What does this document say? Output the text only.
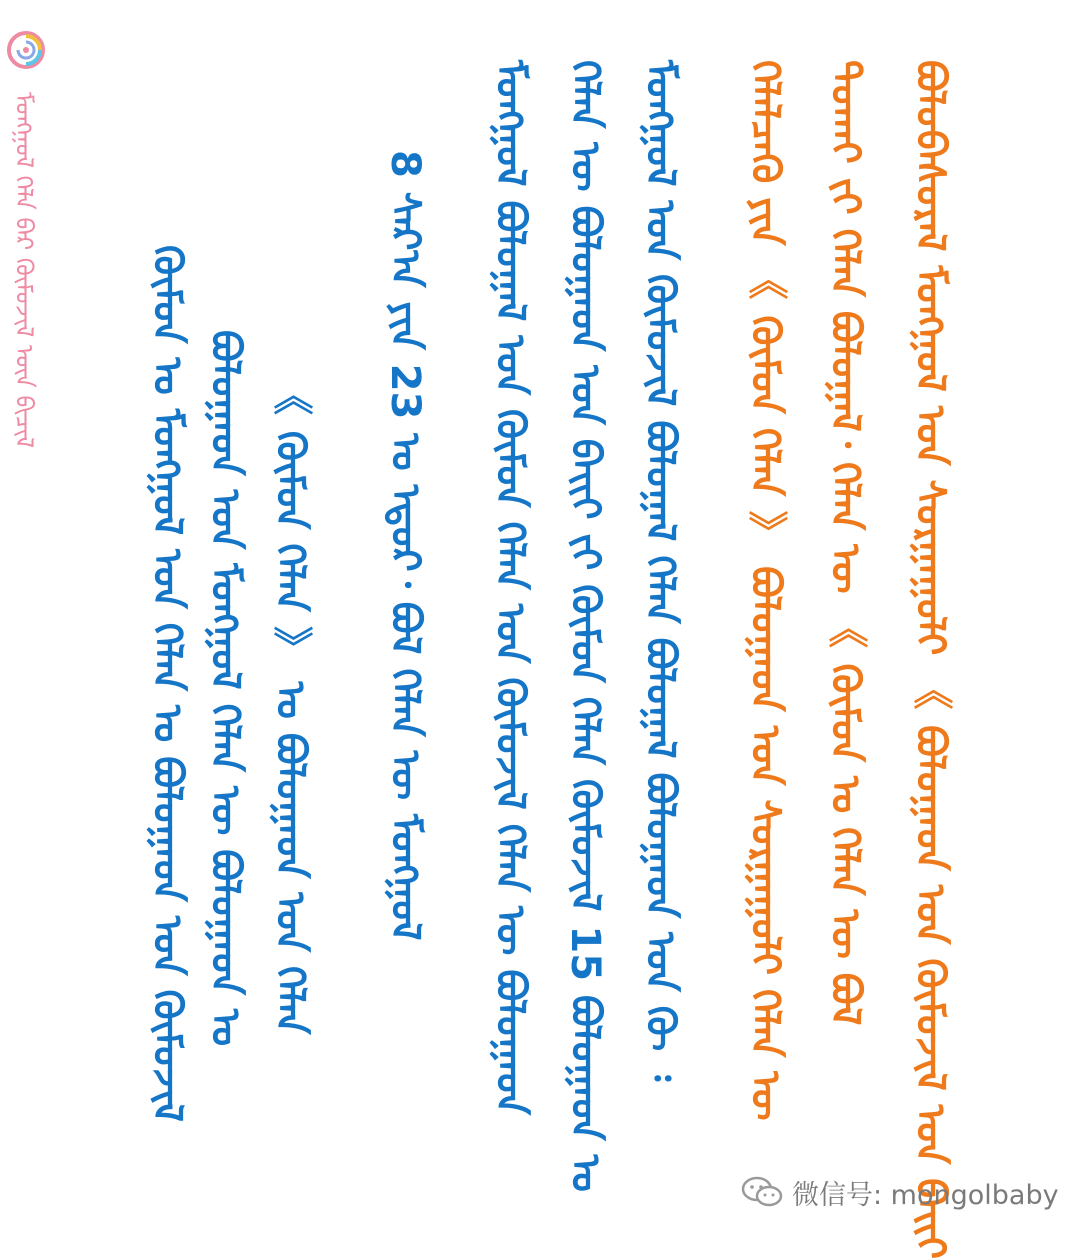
ᠮᠣᠩᠭᠣᠯ ᠬᠡᠯᠡ ᠪᠡᠷ ᠬᠦᠮᠦᠵᠢᠯ ᠦᠨ ᠪᠢᠴᠢᠯ	ᠬᠦᠮᠦᠨ ᠤ ᠮᠣᠩᠭᠣᠯ ᠤᠨ ᠬᠡᠯᠡᠨ ᠤ ᠪᠣᠯᠣᠭᠠᠳ ᠤᠨ ᠬᠦᠮᠦᠵᠢᠯ ᠪᠣᠯᠣᠭᠠᠳ ᠤᠨ ᠮᠣᠩᠭᠣᠯ ᠬᠡᠯᠡᠨ ᠦ ᠪᠣᠯᠣᠭᠠᠳ ᠤ 《 ᠬᠦᠮᠦᠨ ᠬᠡᠯᠡᠨ 》 ᠤ ᠪᠣᠯᠣᠭᠠᠳ ᠤᠨ ᠬᠡᠯᠡᠨ 8 ᠰᠠᠷ᠎ᠠ ᠶᠢᠨ 23 ᠤ ᠡᠳᠦᠷ᠂ ᠪᠣᠯ ᠬᠡᠯᠡᠨ ᠦ ᠮᠣᠩᠭᠣᠯ ᠮᠣᠩᠭᠣᠯ ᠪᠣᠯᠣᠭᠠᠯ ᠤᠨ ᠬᠦᠮᠦᠨ ᠬᠡᠯᠡᠨ ᠤᠨ ᠬᠦᠮᠦᠵᠢᠯ ᠬᠡᠯᠡᠨ ᠦ ᠪᠣᠯᠣᠭᠠᠳ ᠬᠡᠯᠡᠨ ᠦ ᠪᠣᠯᠣᠭᠠᠳ ᠤᠨ ᠪᠠᠢᠢ ᠵᠢ ᠬᠦᠮᠦᠨ ᠬᠡᠯᠡᠨ ᠬᠦᠮᠦᠵᠢᠯ 15 ᠪᠣᠯᠣᠭᠠᠳ ᠤ ᠮᠣᠩᠭᠣᠯ ᠤᠨ ᠬᠦᠮᠦᠵᠢᠯ ᠪᠣᠯᠣᠭᠠᠯ ᠬᠡᠯᠡᠨ ᠪᠣᠯᠣᠭᠠᠯ ᠪᠣᠯᠣᠭᠠᠳ ᠤᠨ ᠬᠦ ᠄ ᠬᠡᠯᠡᠯᠴᠡᠬᠦ ᠶᠢᠨ 《 ᠬᠦᠮᠦᠨ ᠬᠡᠯᠡᠨ 》 ᠪᠣᠯᠣᠭᠠᠳ ᠤᠨ ᠰᠤᠷᠭᠠᠭᠤᠯᠢ ᠬᠡᠯᠡᠨ ᠦ ᠲᠤᠬᠠᠢ ᠵᠢ ᠬᠡᠯᠡᠨ ᠪᠣᠯᠣᠭᠠᠯ᠂ ᠬᠡᠯᠡᠨ ᠦ 《 ᠬᠦᠮᠦᠨ ᠤ ᠬᠡᠯᠡᠨ ᠦ ᠪᠣᠯ ᠪᠣᠯᠣᠪᠠᠰᠤᠷᠠᠯ ᠮᠣᠩᠭᠣᠯ ᠤᠨ ᠰᠤᠷᠭᠠᠭᠤᠯᠢ 《 ᠪᠣᠯᠣᠭᠠᠳ ᠤᠨ ᠬᠦᠮᠦᠵᠢᠯ ᠤᠨ ᠪᠠᠢᠢ
微信号: mongolbaby
